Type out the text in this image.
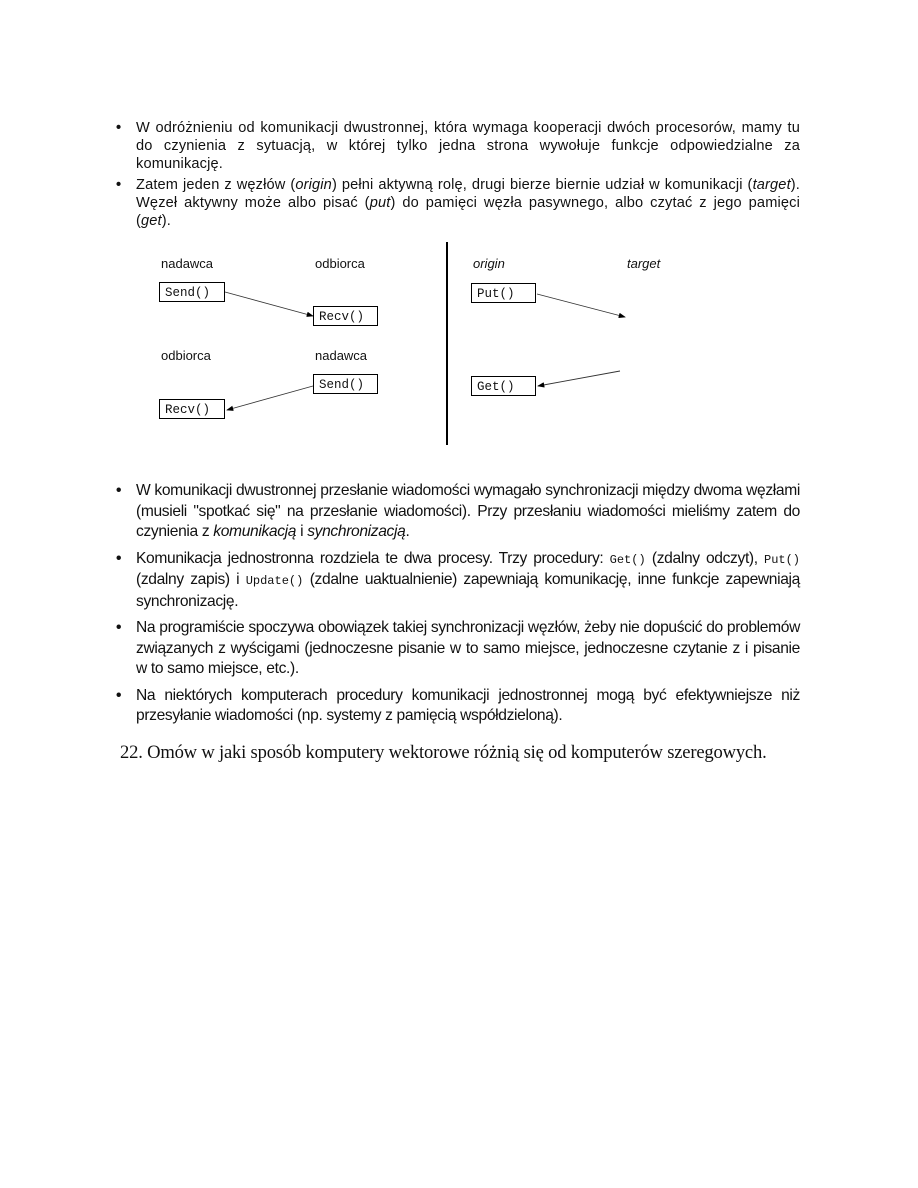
• W odróżnieniu od komunikacji dwustronnej, która wymaga kooperacji dwóch procesorów, mamy tu do czynienia z sytuacją, w której tylko jedna strona wywołuje funkcje odpowiedzialne za komunikację.
• Zatem jeden z węzłów (origin) pełni aktywną rolę, drugi bierze biernie udział w komunikacji (target). Węzeł aktywny może albo pisać (put) do pamięci węzła pasywnego, albo czytać z jego pamięci (get).
nadawca	odbiorca
Send()
Recv()
odbiorca	nadawca
Send()
Recv()
origin	target
Put()
Get()
• W komunikacji dwustronnej przesłanie wiadomości wymagało synchronizacji między dwoma węzłami (musieli "spotkać się" na przesłanie wiadomości). Przy przesłaniu wiadomości mieliśmy zatem do czynienia z komunikacją i synchronizacją.
• Komunikacja jednostronna rozdziela te dwa procesy. Trzy procedury: Get() (zdalny odczyt), Put() (zdalny zapis) i Update() (zdalne uaktualnienie) zapewniają komunikację, inne funkcje zapewniają synchronizację.
• Na programiście spoczywa obowiązek takiej synchronizacji węzłów, żeby nie dopuścić do problemów związanych z wyścigami (jednoczesne pisanie w to samo miejsce, jednoczesne czytanie z i pisanie w to samo miejsce, etc.).
• Na niektórych komputerach procedury komunikacji jednostronnej mogą być efektywniejsze niż przesyłanie wiadomości (np. systemy z pamięcią współdzieloną).
22. Omów w jaki sposób komputery wektorowe różnią się od komputerów szeregowych.
